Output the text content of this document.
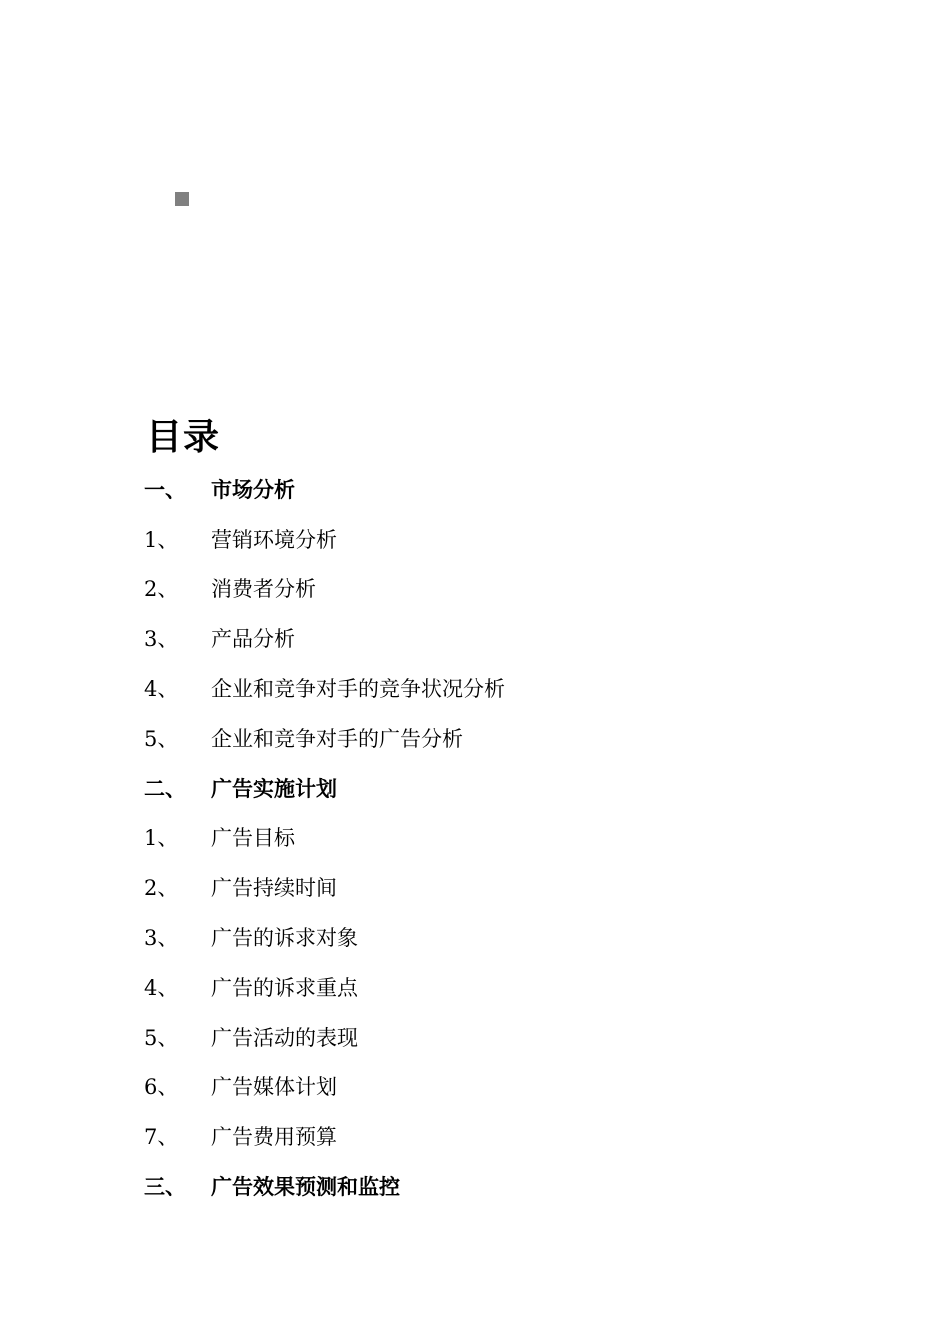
目录
一、	市场分析
1、	营销环境分析
2、	消费者分析
3、	产品分析
4、	企业和竞争对手的竞争状况分析
5、	企业和竞争对手的广告分析
二、	广告实施计划
1、	广告目标
2、	广告持续时间
3、	广告的诉求对象
4、	广告的诉求重点
5、	广告活动的表现
6、	广告媒体计划
7、	广告费用预算
三、	广告效果预测和监控
